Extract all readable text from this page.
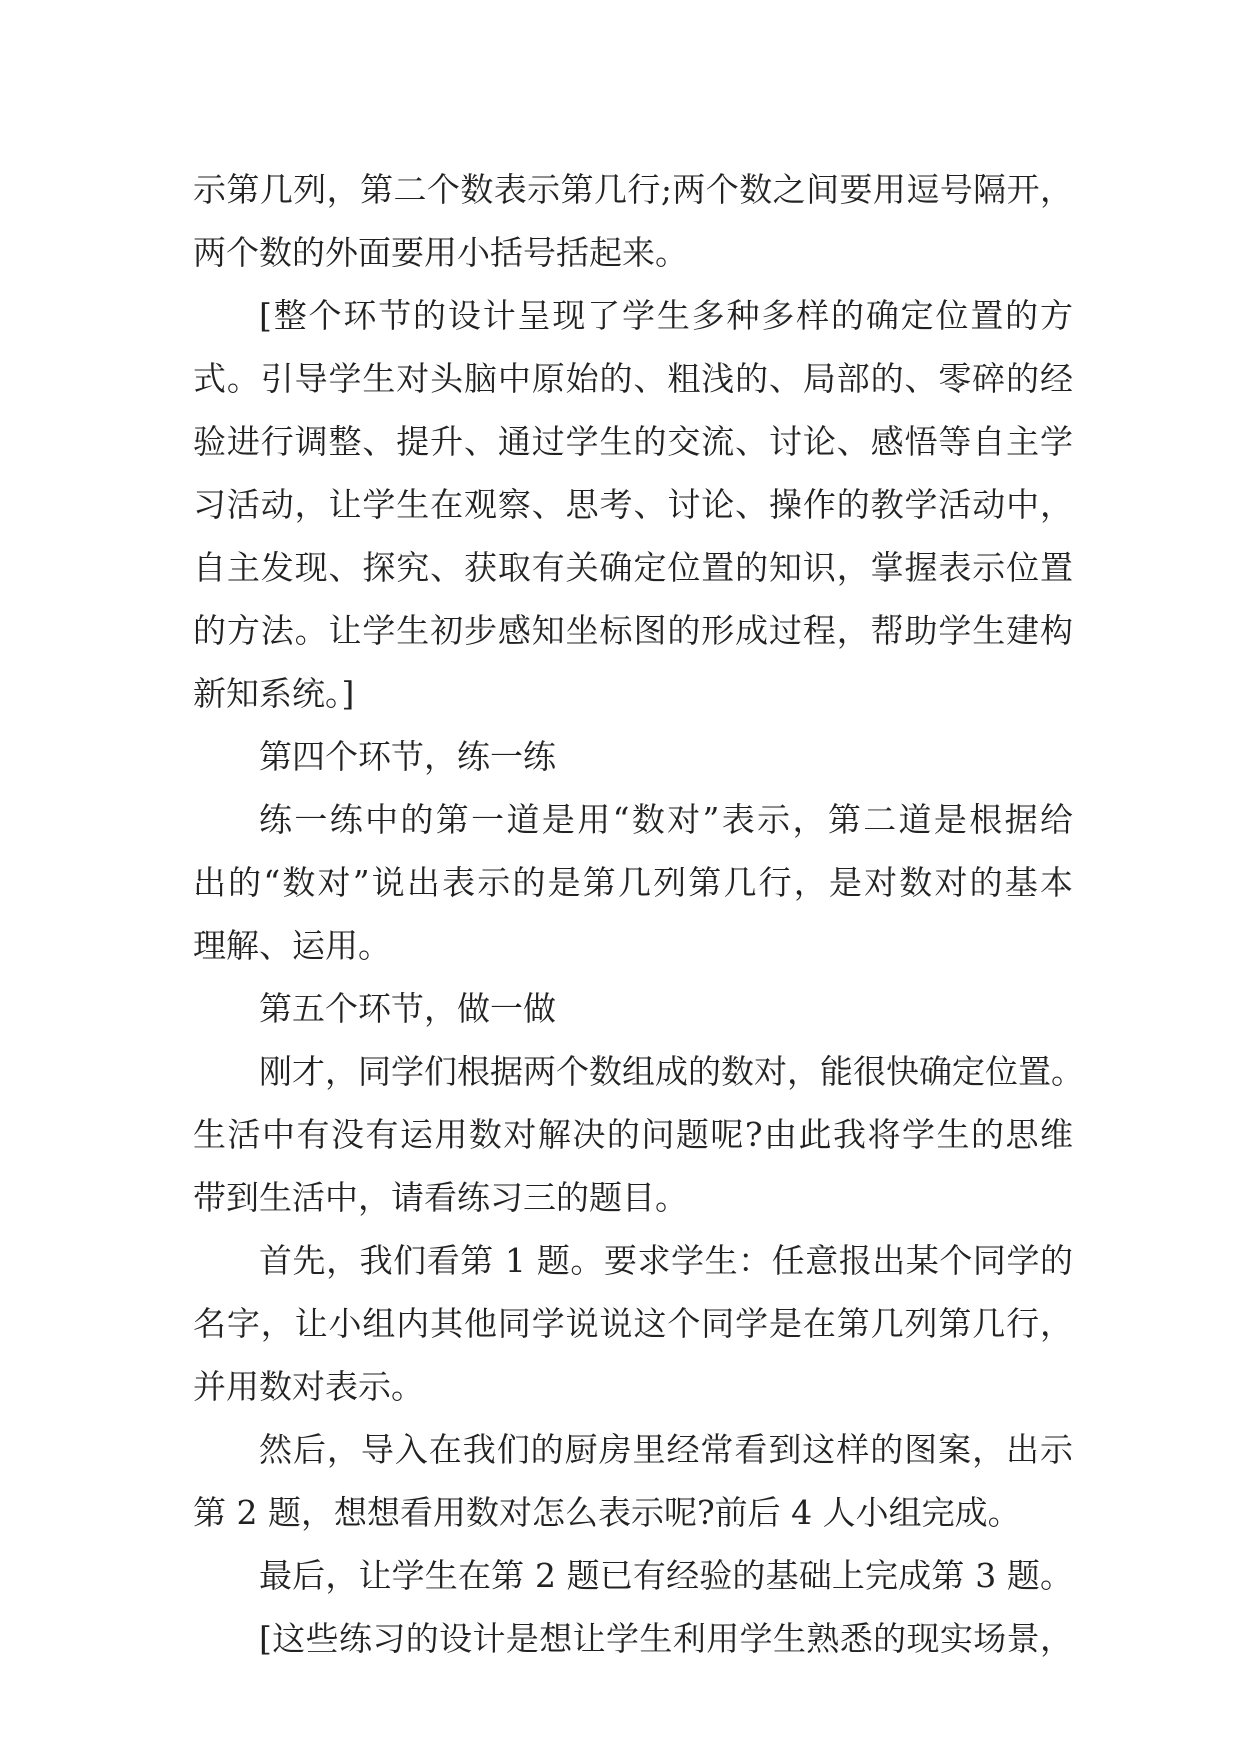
示第几列，第二个数表示第几行;两个数之间要用逗号隔开，
两个数的外面要用小括号括起来。
[整个环节的设计呈现了学生多种多样的确定位置的方
式。引导学生对头脑中原始的、粗浅的、局部的、零碎的经
验进行调整、提升、通过学生的交流、讨论、感悟等自主学
习活动，让学生在观察、思考、讨论、操作的教学活动中，
自主发现、探究、获取有关确定位置的知识，掌握表示位置
的方法。让学生初步感知坐标图的形成过程，帮助学生建构
新知系统。]
第四个环节，练一练
练一练中的第一道是用“数对”表示，第二道是根据给
出的“数对”说出表示的是第几列第几行，是对数对的基本
理解、运用。
第五个环节，做一做
刚才，同学们根据两个数组成的数对，能很快确定位置。
生活中有没有运用数对解决的问题呢?由此我将学生的思维
带到生活中，请看练习三的题目。
首先，我们看第 1 题。要求学生：任意报出某个同学的
名字，让小组内其他同学说说这个同学是在第几列第几行，
并用数对表示。
然后，导入在我们的厨房里经常看到这样的图案，出示
第 2 题，想想看用数对怎么表示呢?前后 4 人小组完成。
最后，让学生在第 2 题已有经验的基础上完成第 3 题。
[这些练习的设计是想让学生利用学生熟悉的现实场景，
